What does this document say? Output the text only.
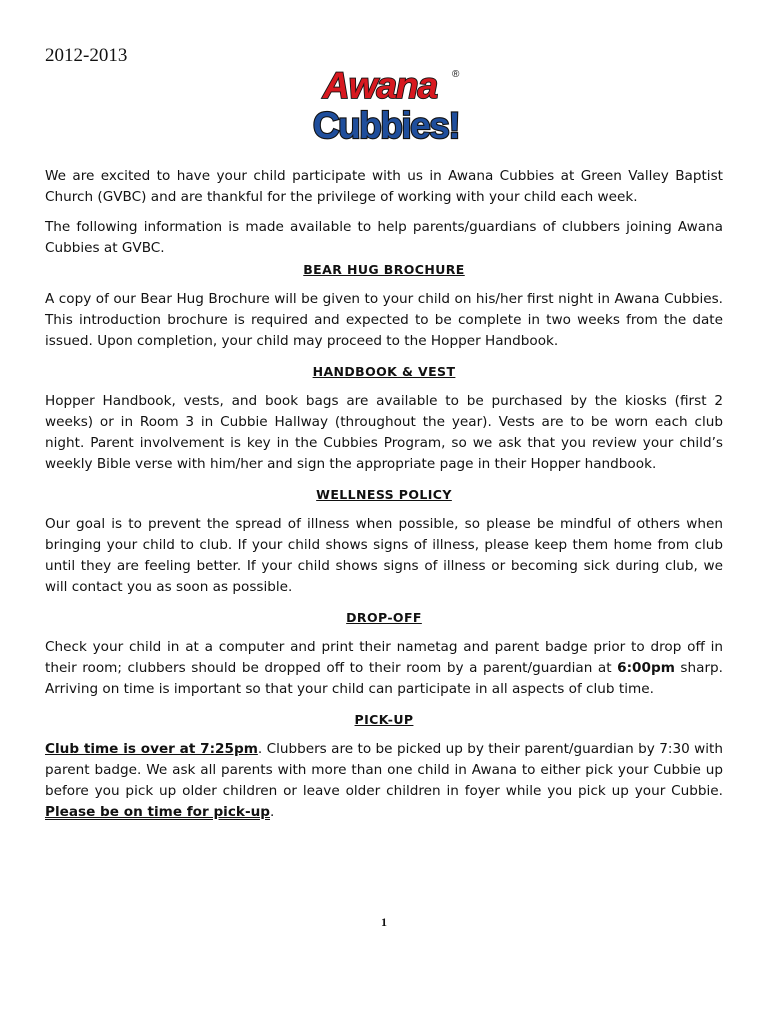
2012-2013
Awana ®
Cubbies!

We are excited to have your child participate with us in Awana Cubbies at Green Valley Baptist Church (GVBC) and are thankful for the privilege of working with your child each week.

The following information is made available to help parents/guardians of clubbers joining Awana Cubbies at GVBC.

BEAR HUG BROCHURE

A copy of our Bear Hug Brochure will be given to your child on his/her first night in Awana Cubbies. This introduction brochure is required and expected to be complete in two weeks from the date issued. Upon completion, your child may proceed to the Hopper Handbook.

HANDBOOK & VEST

Hopper Handbook, vests, and book bags are available to be purchased by the kiosks (first 2 weeks) or in Room 3 in Cubbie Hallway (throughout the year). Vests are to be worn each club night. Parent involvement is key in the Cubbies Program, so we ask that you review your child’s weekly Bible verse with him/her and sign the appropriate page in their Hopper handbook.

WELLNESS POLICY

Our goal is to prevent the spread of illness when possible, so please be mindful of others when bringing your child to club. If your child shows signs of illness, please keep them home from club until they are feeling better. If your child shows signs of illness or becoming sick during club, we will contact you as soon as possible.

DROP-OFF

Check your child in at a computer and print their nametag and parent badge prior to drop off in their room; clubbers should be dropped off to their room by a parent/guardian at 6:00pm sharp. Arriving on time is important so that your child can participate in all aspects of club time.

PICK-UP

Club time is over at 7:25pm. Clubbers are to be picked up by their parent/guardian by 7:30 with parent badge. We ask all parents with more than one child in Awana to either pick your Cubbie up before you pick up older children or leave older children in foyer while you pick up your Cubbie. Please be on time for pick-up.

1
